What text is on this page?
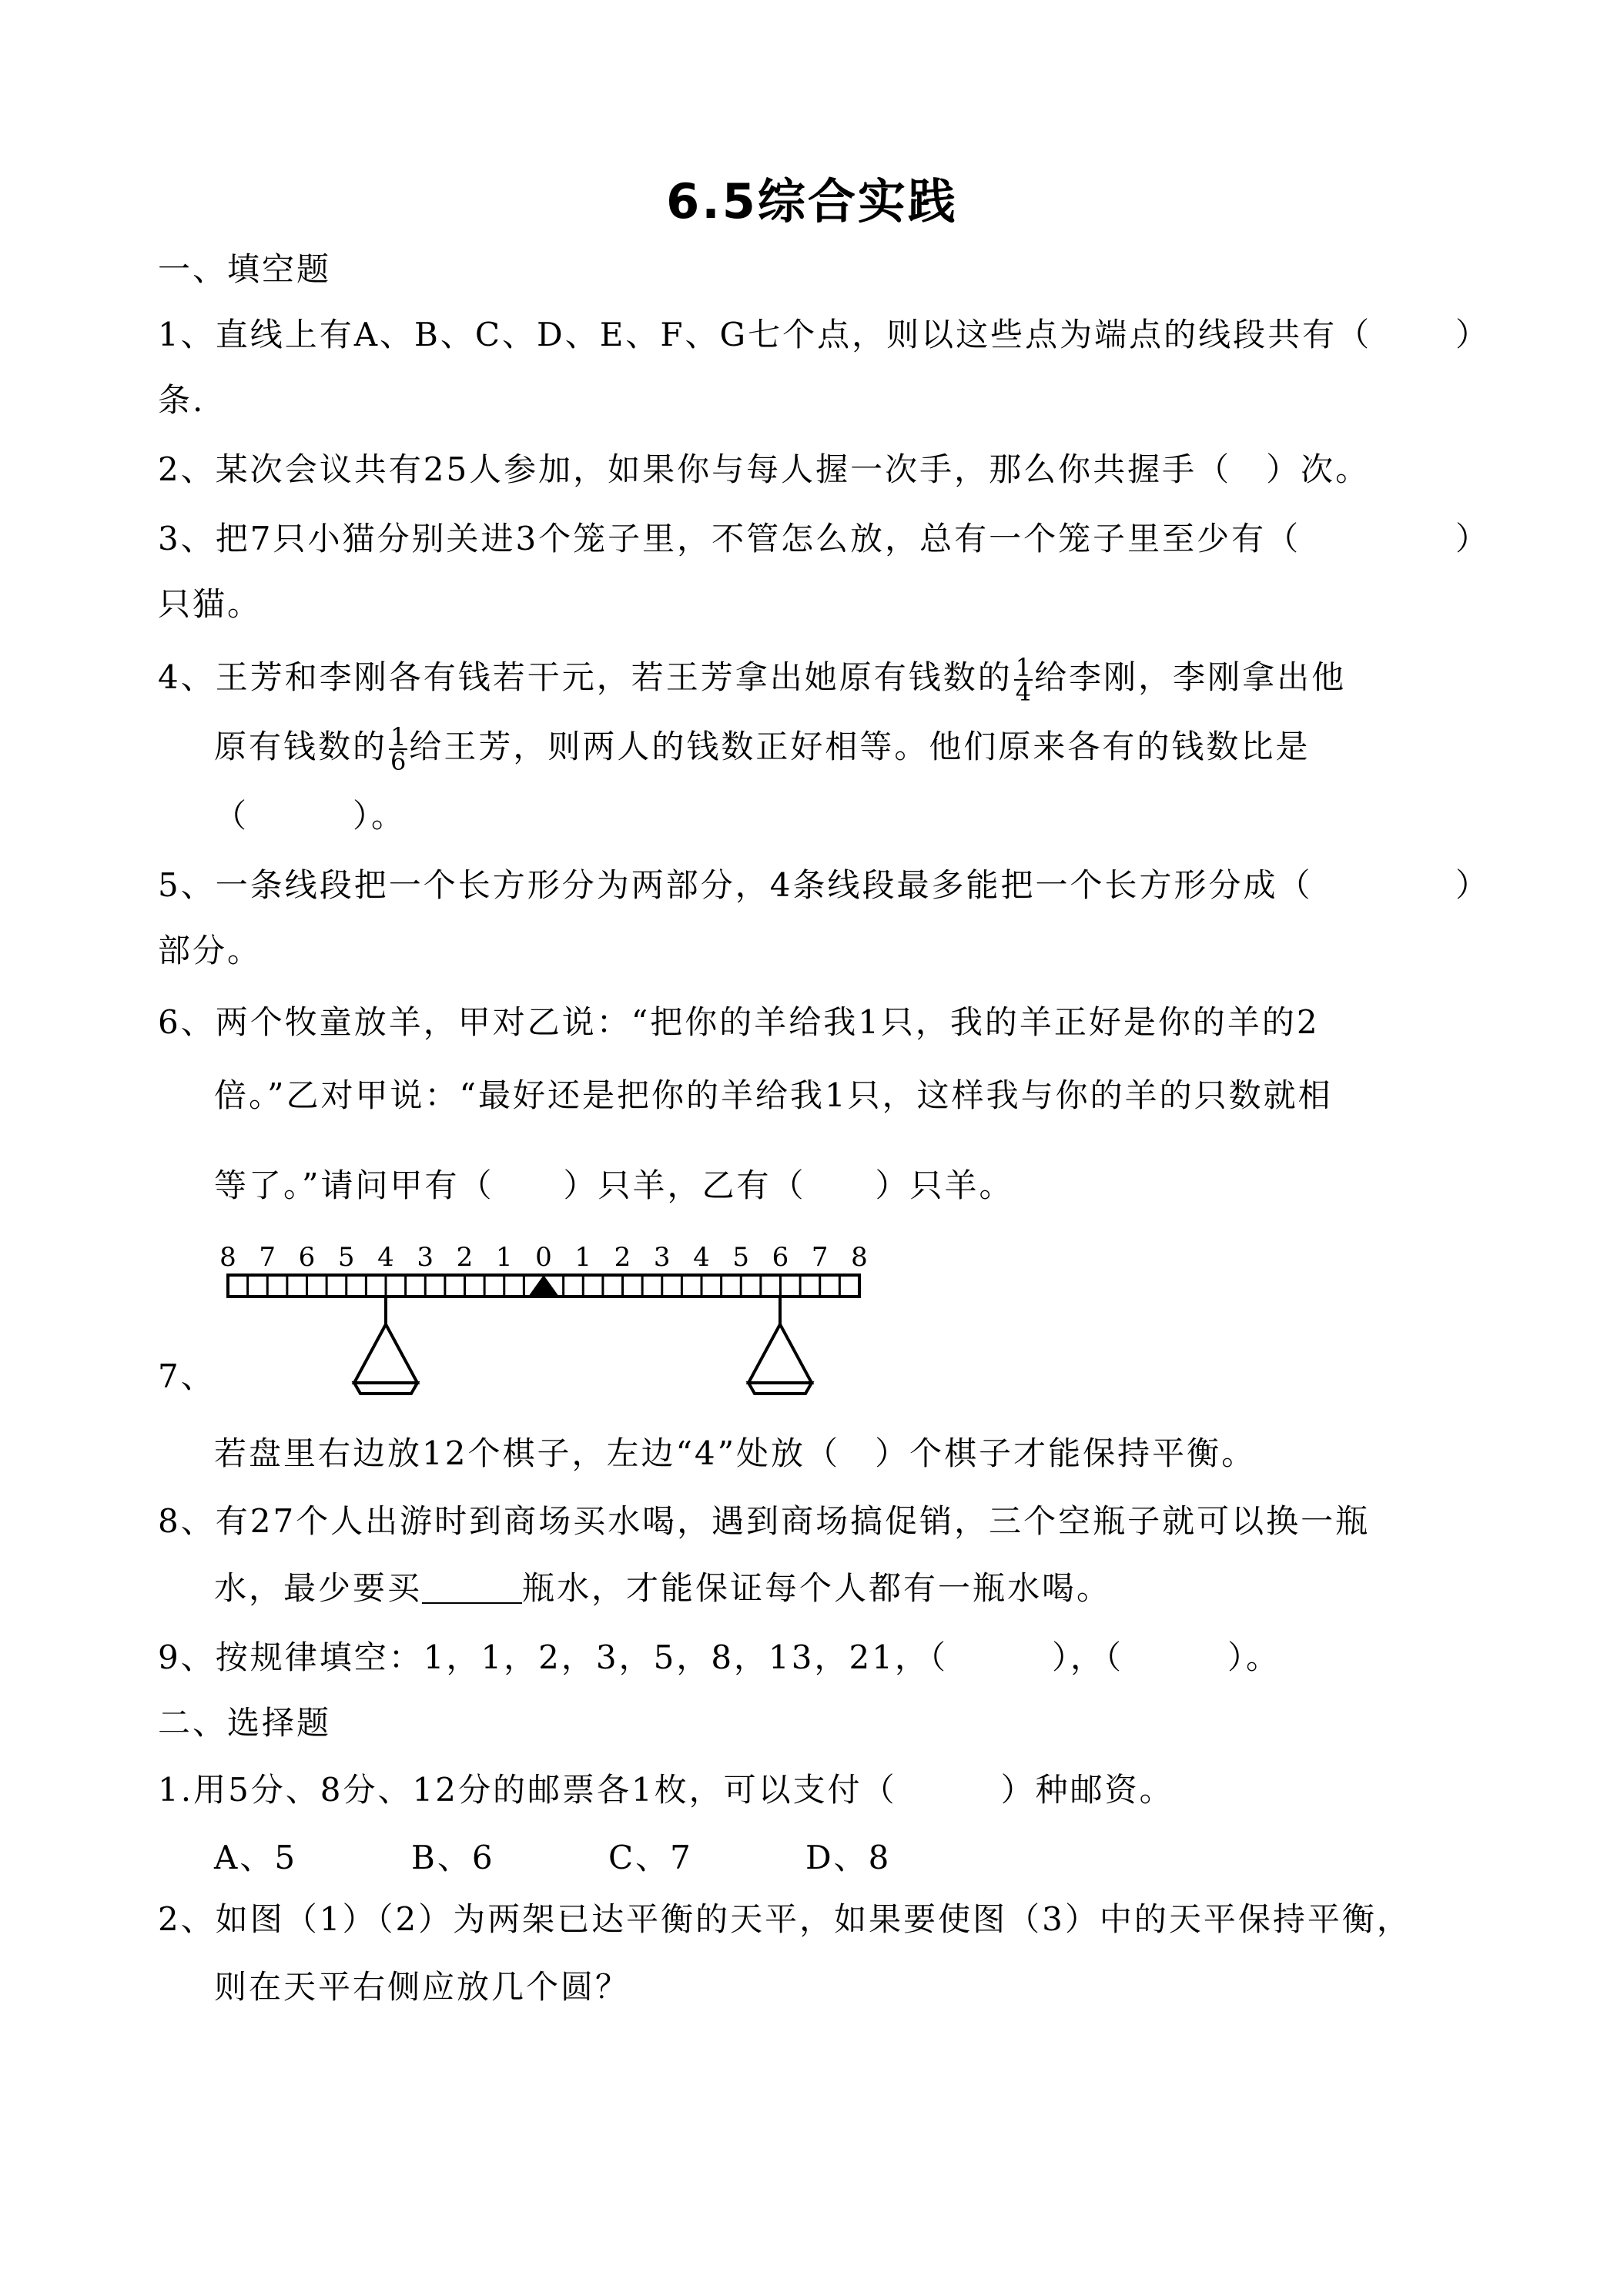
6.5综合实践
一、填空题
1、直线上有A、B、C、D、E、F、G七个点，则以这些点为端点的线段共有（	）
条.
2、某次会议共有25人参加，如果你与每人握一次手，那么你共握手（　）次。
3、把7只小猫分别关进3个笼子里，不管怎么放，总有一个笼子里至少有（	）
只猫。
4、王芳和李刚各有钱若干元，若王芳拿出她原有钱数的 $\frac{1}{4}$ 给李刚，李刚拿出他
原有钱数的 $\frac{1}{6}$ 给王芳，则两人的钱数正好相等。他们原来各有的钱数比是
（　　　）。
5、一条线段把一个长方形分为两部分，4条线段最多能把一个长方形分成（	）
部分。
6、两个牧童放羊，甲对乙说：“把你的羊给我1只，我的羊正好是你的羊的2
倍。”乙对甲说：“最好还是把你的羊给我1只，这样我与你的羊的只数就相
等了。”请问甲有（　　）只羊，乙有（　　）只羊。
8 7 6 5 4 3 2 1 0 1 2 3 4 5 6 7 8
7、
若盘里右边放12个棋子，左边“4”处放（　）个棋子才能保持平衡。
8、有27个人出游时到商场买水喝，遇到商场搞促销，三个空瓶子就可以换一瓶
水，最少要买	瓶水，才能保证每个人都有一瓶水喝。
9、按规律填空：1，1，2，3，5，8，13，21，（　　　），（　　　）。
二、选择题
1.用5分、8分、12分的邮票各1枚，可以支付（　　　）种邮资。
A、5	B、6	C、7	D、8
2、如图（1）（2）为两架已达平衡的天平，如果要使图（3）中的天平保持平衡，
则在天平右侧应放几个圆？
